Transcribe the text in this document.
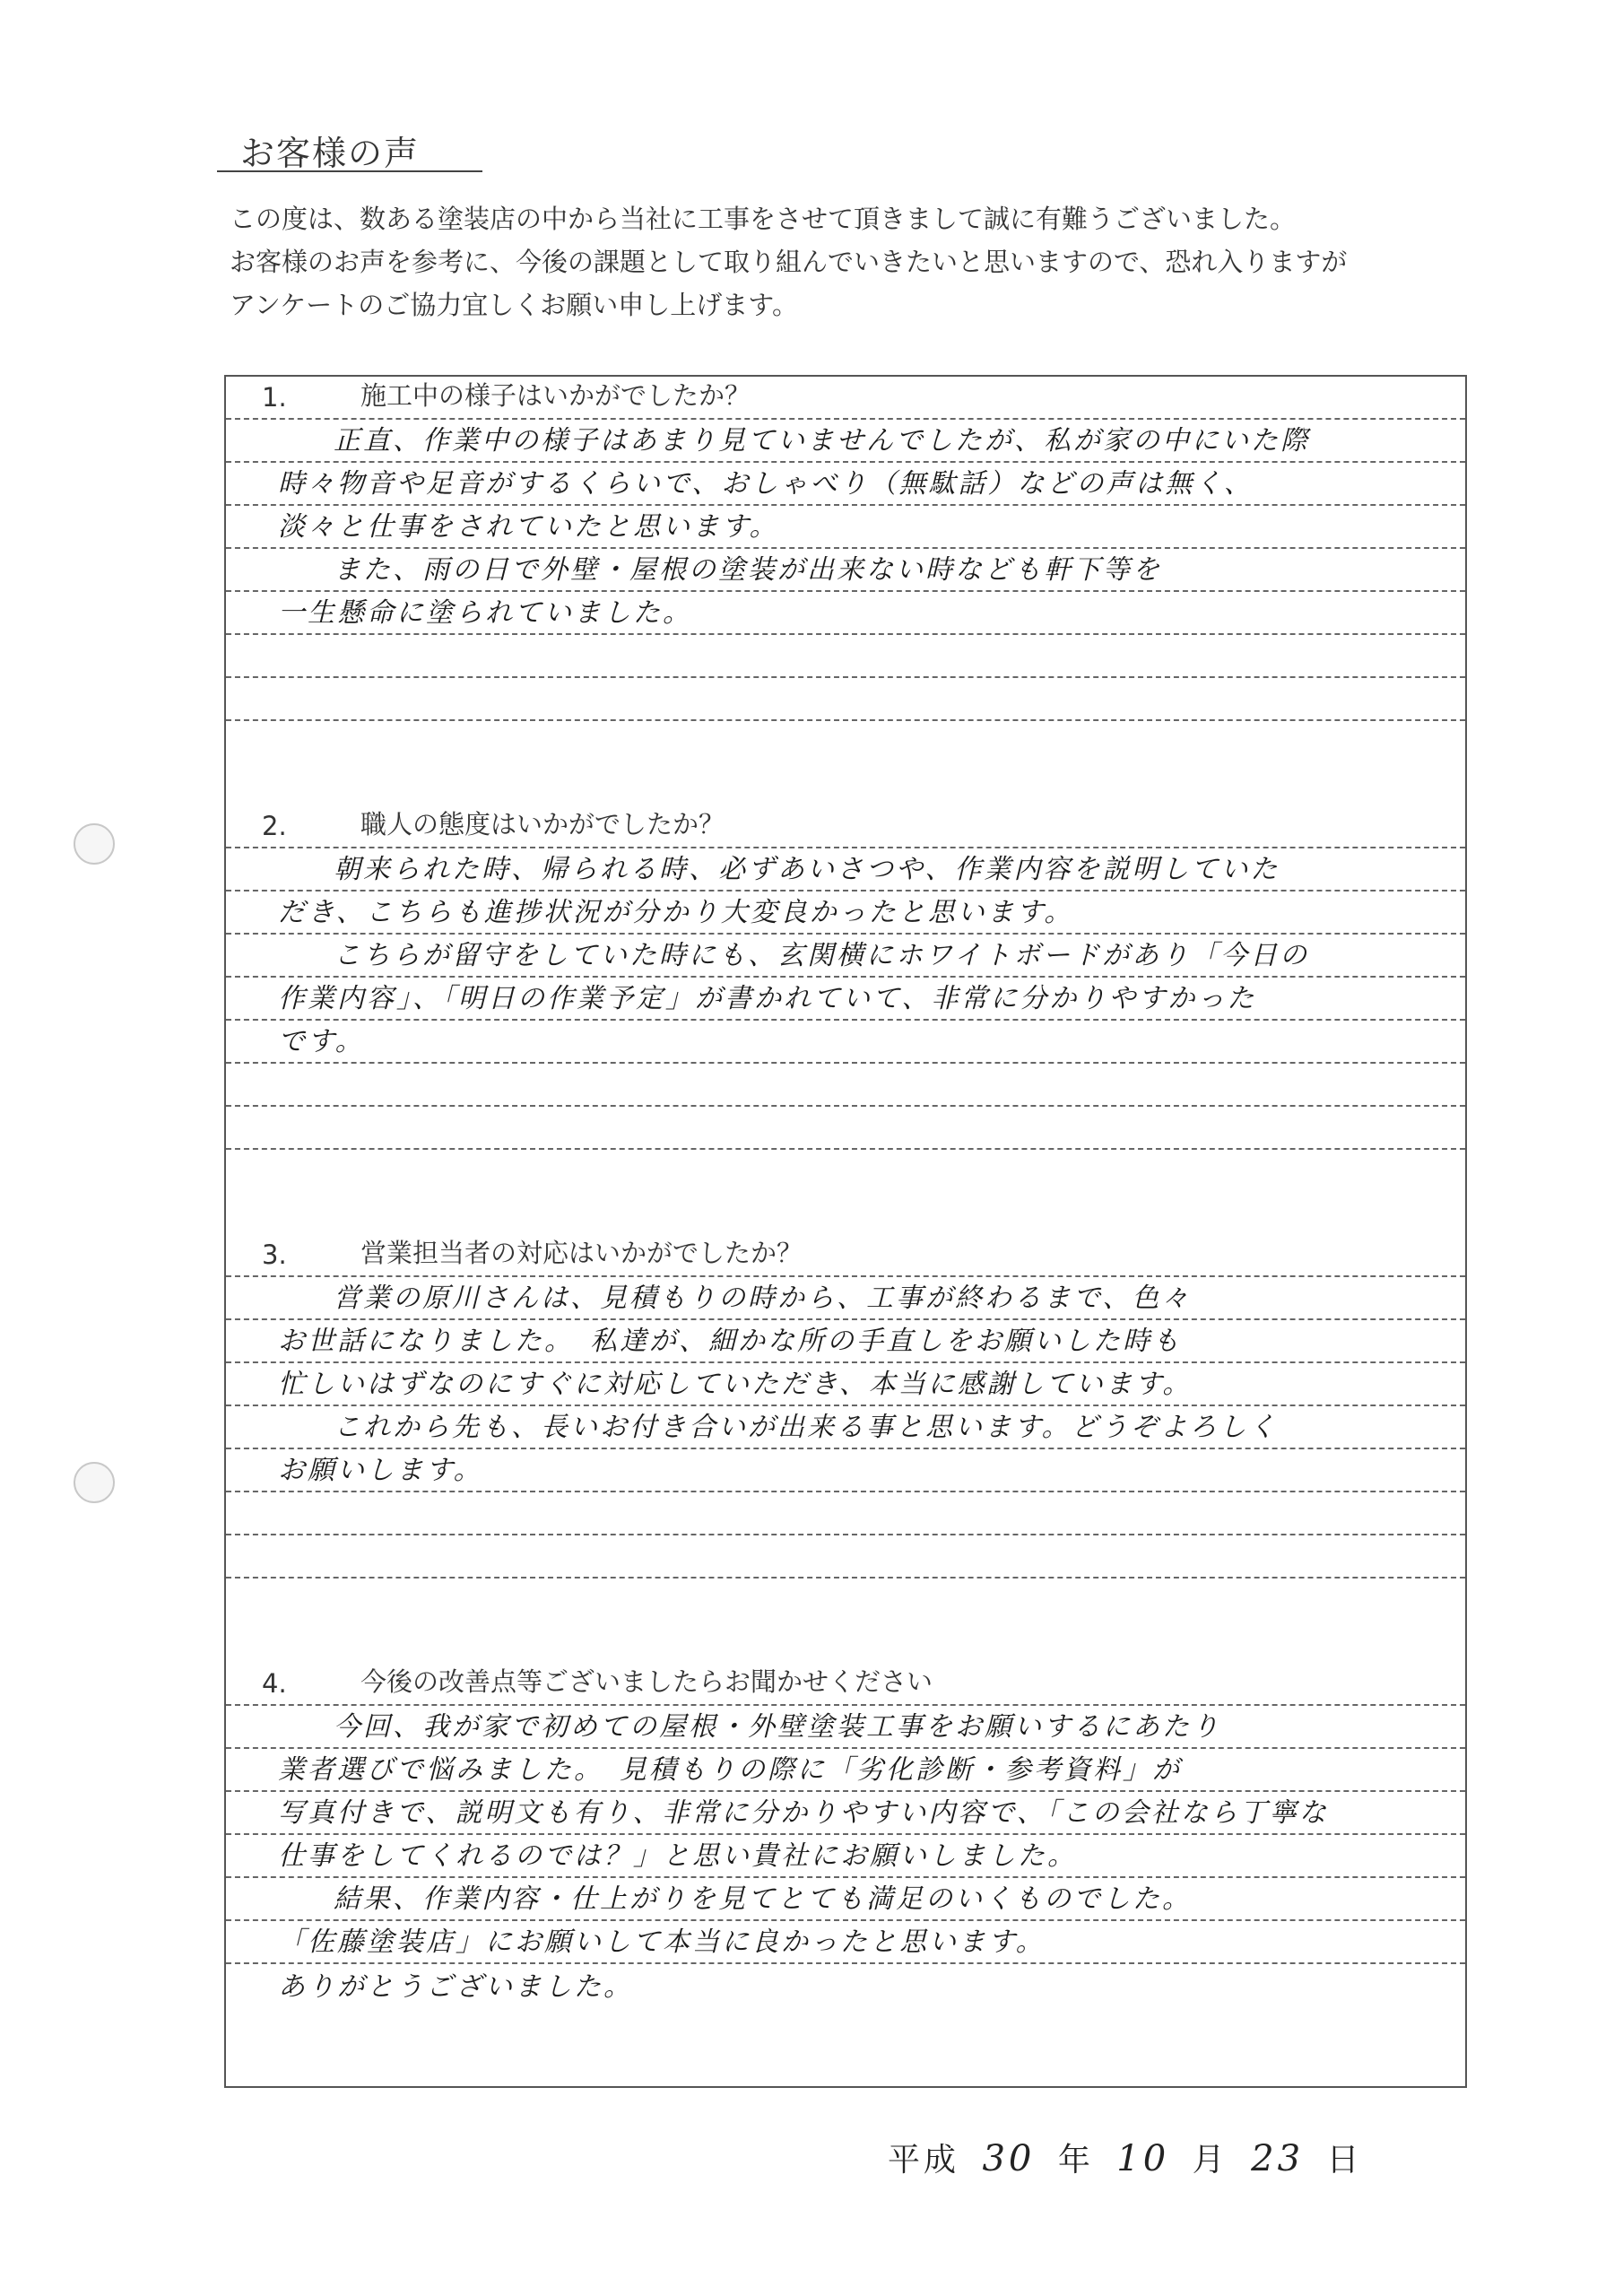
お客様の声
この度は、数ある塗装店の中から当社に工事をさせて頂きまして誠に有難うございました。
お客様のお声を参考に、今後の課題として取り組んでいきたいと思いますので、恐れ入りますが
アンケートのご協力宜しくお願い申し上げます。
1.	施工中の様子はいかがでしたか？
正直、作業中の様子はあまり見ていませんでしたが、私が家の中にいた際
時々物音や足音がするくらいで、おしゃべり（無駄話）などの声は無く、
淡々と仕事をされていたと思います。
また、雨の日で外壁・屋根の塗装が出来ない時なども軒下等を
一生懸命に塗られていました。
2.	職人の態度はいかがでしたか？
朝来られた時、帰られる時、必ずあいさつや、作業内容を説明していた
だき、こちらも進捗状況が分かり大変良かったと思います。
こちらが留守をしていた時にも、玄関横にホワイトボードがあり「今日の
作業内容」、「明日の作業予定」が書かれていて、非常に分かりやすかった
です。
3.	営業担当者の対応はいかがでしたか？
営業の原川さんは、見積もりの時から、工事が終わるまで、色々
お世話になりました。　私達が、細かな所の手直しをお願いした時も
忙しいはずなのにすぐに対応していただき、本当に感謝しています。
これから先も、長いお付き合いが出来る事と思います。どうぞよろしく
お願いします。
4.	今後の改善点等ございましたらお聞かせください
今回、我が家で初めての屋根・外壁塗装工事をお願いするにあたり
業者選びで悩みました。　見積もりの際に「劣化診断・参考資料」が
写真付きで、説明文も有り、非常に分かりやすい内容で、「この会社なら丁寧な
仕事をしてくれるのでは？」と思い貴社にお願いしました。
結果、作業内容・仕上がりを見てとても満足のいくものでした。
「佐藤塗装店」にお願いして本当に良かったと思います。
ありがとうございました。
平成 30 年 10 月 23 日
